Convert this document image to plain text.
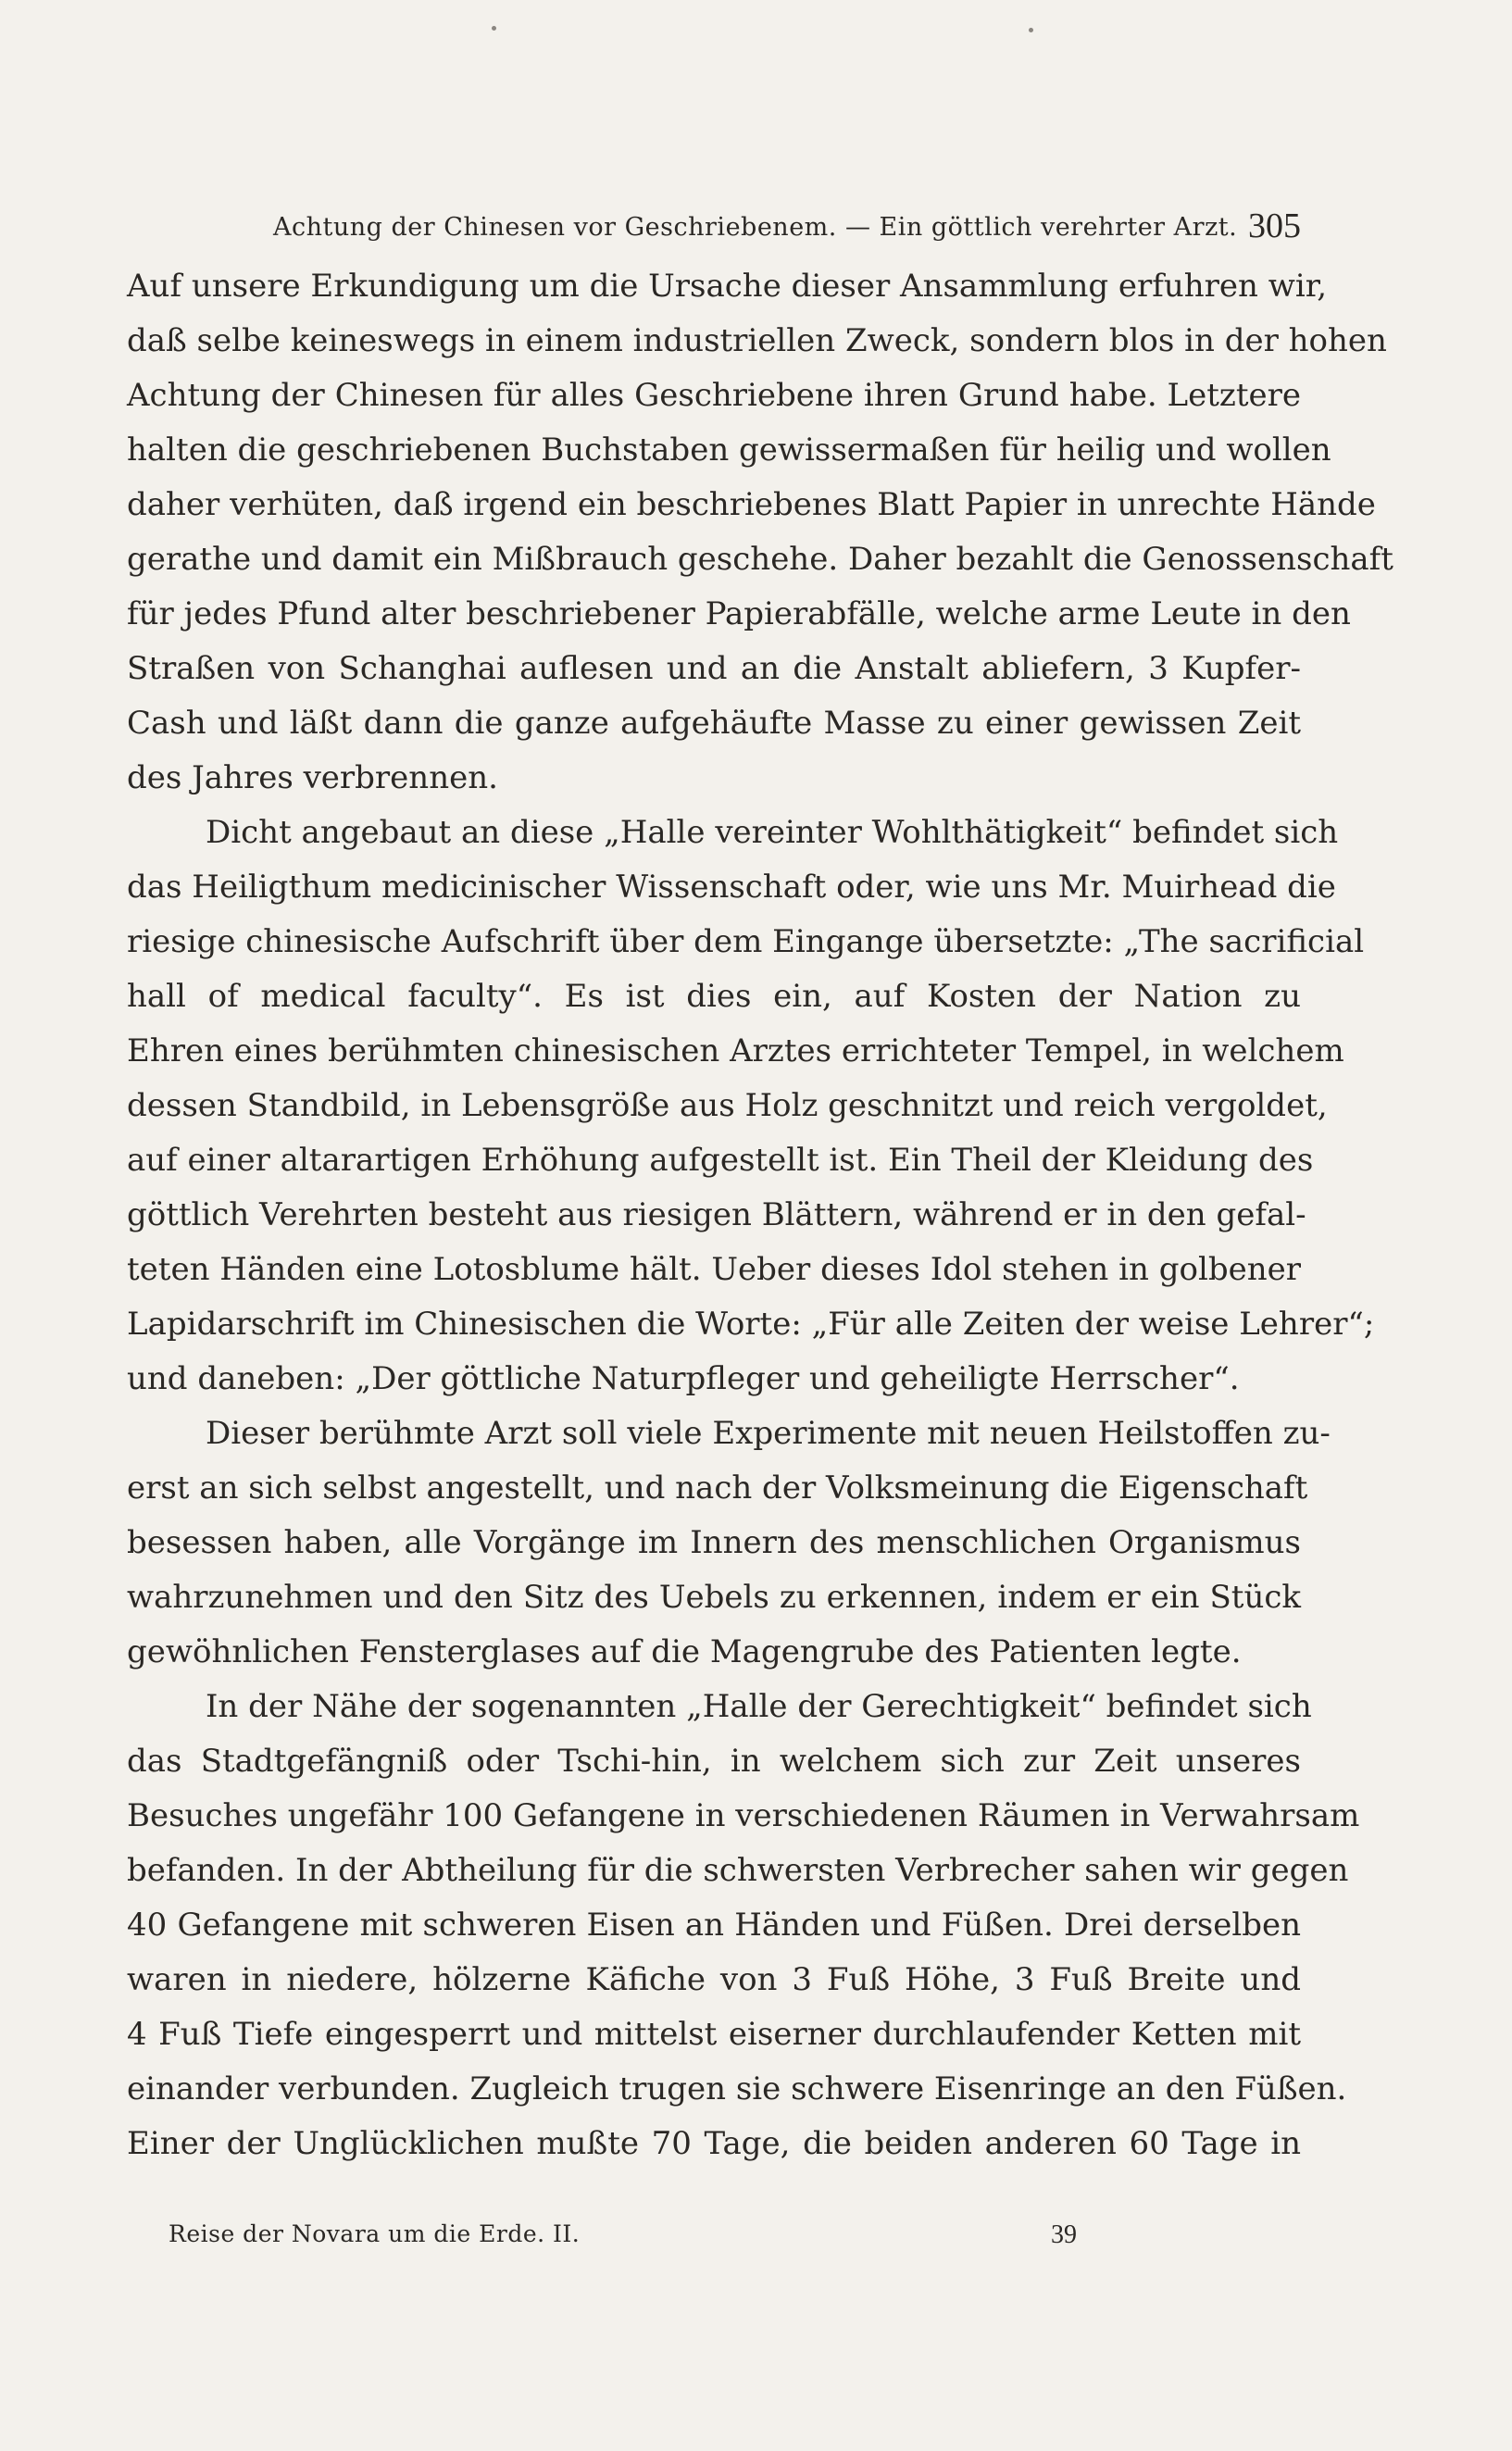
Achtung der Chinesen vor Geschriebenem. — Ein göttlich verehrter Arzt. 305
Auf unsere Erkundigung um die Ursache dieser Ansammlung erfuhren wir,
daß selbe keineswegs in einem industriellen Zweck, sondern blos in der hohen
Achtung der Chinesen für alles Geschriebene ihren Grund habe. Letztere
halten die geschriebenen Buchstaben gewissermaßen für heilig und wollen
daher verhüten, daß irgend ein beschriebenes Blatt Papier in unrechte Hände
gerathe und damit ein Mißbrauch geschehe. Daher bezahlt die Genossenschaft
für jedes Pfund alter beschriebener Papierabfälle, welche arme Leute in den
Straßen von Schanghai auflesen und an die Anstalt abliefern, 3 Kupfer-
Cash und läßt dann die ganze aufgehäufte Masse zu einer gewissen Zeit
des Jahres verbrennen.
Dicht angebaut an diese „Halle vereinter Wohlthätigkeit“ befindet sich
das Heiligthum medicinischer Wissenschaft oder, wie uns Mr. Muirhead die
riesige chinesische Aufschrift über dem Eingange übersetzte: „The sacrificial
hall of medical faculty“. Es ist dies ein, auf Kosten der Nation zu
Ehren eines berühmten chinesischen Arztes errichteter Tempel, in welchem
dessen Standbild, in Lebensgröße aus Holz geschnitzt und reich vergoldet,
auf einer altarartigen Erhöhung aufgestellt ist. Ein Theil der Kleidung des
göttlich Verehrten besteht aus riesigen Blättern, während er in den gefal-
teten Händen eine Lotosblume hält. Ueber dieses Idol stehen in golbener
Lapidarschrift im Chinesischen die Worte: „Für alle Zeiten der weise Lehrer“;
und daneben: „Der göttliche Naturpfleger und geheiligte Herrscher“.
Dieser berühmte Arzt soll viele Experimente mit neuen Heilstoffen zu-
erst an sich selbst angestellt, und nach der Volksmeinung die Eigenschaft
besessen haben, alle Vorgänge im Innern des menschlichen Organismus
wahrzunehmen und den Sitz des Uebels zu erkennen, indem er ein Stück
gewöhnlichen Fensterglases auf die Magengrube des Patienten legte.
In der Nähe der sogenannten „Halle der Gerechtigkeit“ befindet sich
das Stadtgefängniß oder Tschi-hin, in welchem sich zur Zeit unseres
Besuches ungefähr 100 Gefangene in verschiedenen Räumen in Verwahrsam
befanden. In der Abtheilung für die schwersten Verbrecher sahen wir gegen
40 Gefangene mit schweren Eisen an Händen und Füßen. Drei derselben
waren in niedere, hölzerne Käfiche von 3 Fuß Höhe, 3 Fuß Breite und
4 Fuß Tiefe eingesperrt und mittelst eiserner durchlaufender Ketten mit
einander verbunden. Zugleich trugen sie schwere Eisenringe an den Füßen.
Einer der Unglücklichen mußte 70 Tage, die beiden anderen 60 Tage in
Reise der Novara um die Erde. II.	39
